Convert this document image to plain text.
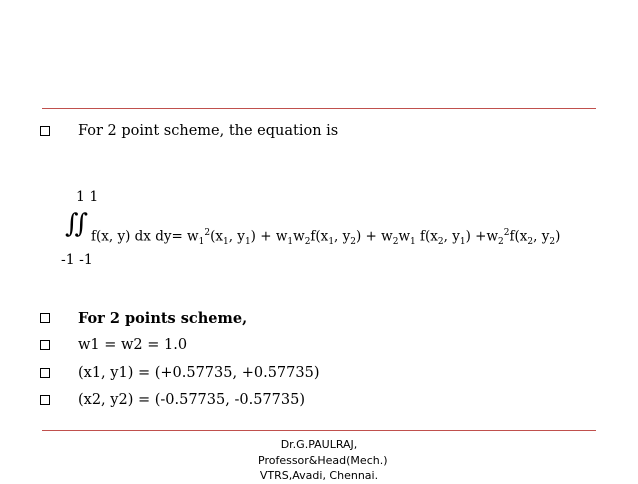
For 2 point scheme, the equation is
1 1
∫∫ f(x, y) dx $dy= w_1^2(x_1$, $y_1) + w_1w_2f(x_1$, $y_2) + w_2w_1$ $f(x_2$, $y_1) +w_2^2f(x_2$, $y_2$)
-1 -1
For 2 points scheme,
w1 = w2 = 1.0
(x1, y1) = (+0.57735, +0.57735)
(x2, y2) = (-0.57735, -0.57735)
Dr.G.PAULRAJ,
Professor&Head(Mech.)
VTRS,Avadi, Chennai.
